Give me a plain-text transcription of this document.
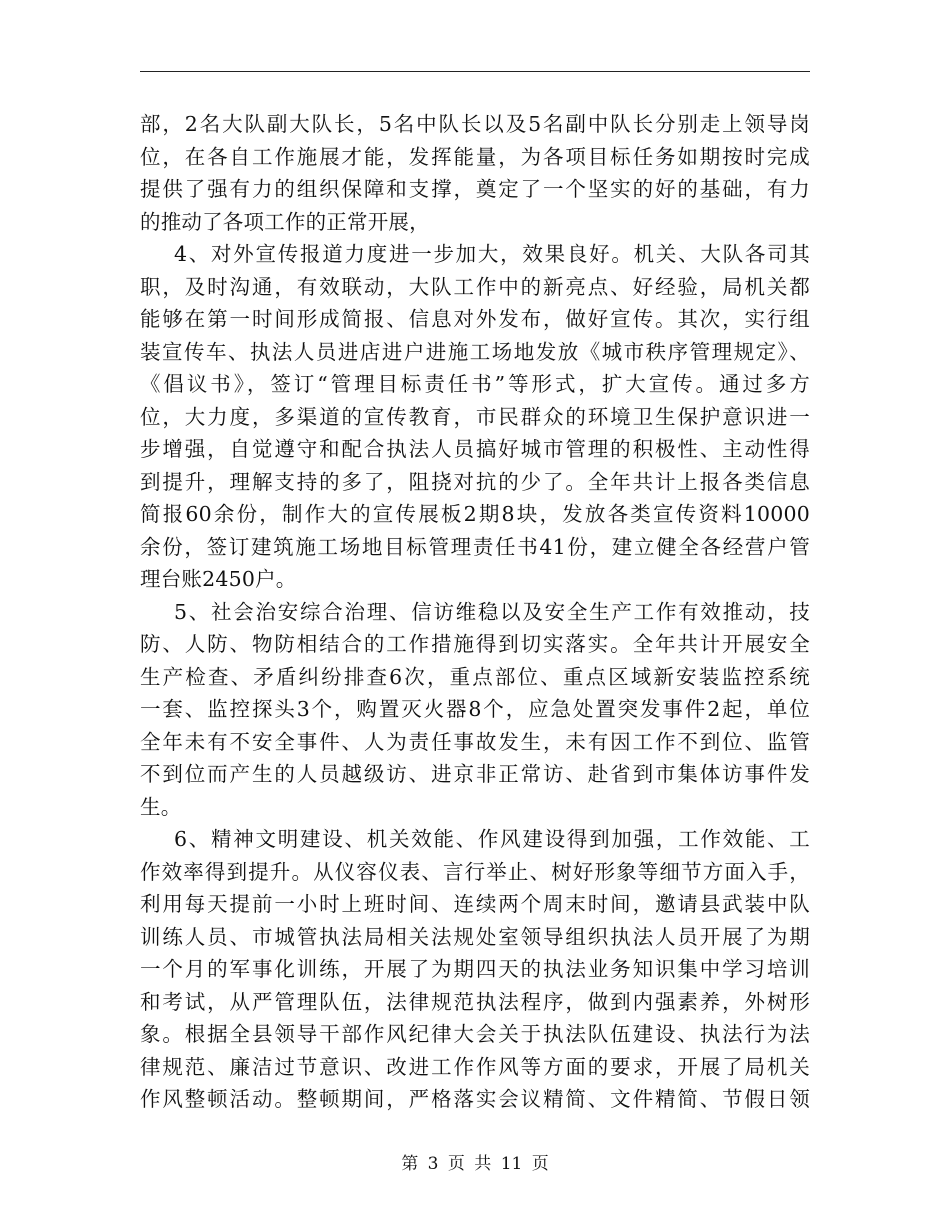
部，2名大队副大队长，5名中队长以及5名副中队长分别走上领导岗
位，在各自工作施展才能，发挥能量，为各项目标任务如期按时完成
提供了强有力的组织保障和支撑，奠定了一个坚实的好的基础，有力
的推动了各项工作的正常开展，
4、对外宣传报道力度进一步加大，效果良好。机关、大队各司其
职，及时沟通，有效联动，大队工作中的新亮点、好经验，局机关都
能够在第一时间形成简报、信息对外发布，做好宣传。其次，实行组
装宣传车、执法人员进店进户进施工场地发放《城市秩序管理规定》、
《倡议书》，签订“管理目标责任书”等形式，扩大宣传。通过多方
位，大力度，多渠道的宣传教育，市民群众的环境卫生保护意识进一
步增强，自觉遵守和配合执法人员搞好城市管理的积极性、主动性得
到提升，理解支持的多了，阻挠对抗的少了。全年共计上报各类信息
简报60余份，制作大的宣传展板2期8块，发放各类宣传资料10000
余份，签订建筑施工场地目标管理责任书41份，建立健全各经营户管
理台账2450户。
5、社会治安综合治理、信访维稳以及安全生产工作有效推动，技
防、人防、物防相结合的工作措施得到切实落实。全年共计开展安全
生产检查、矛盾纠纷排查6次，重点部位、重点区域新安装监控系统
一套、监控探头3个，购置灭火器8个，应急处置突发事件2起，单位
全年未有不安全事件、人为责任事故发生，未有因工作不到位、监管
不到位而产生的人员越级访、进京非正常访、赴省到市集体访事件发
生。
6、精神文明建设、机关效能、作风建设得到加强，工作效能、工
作效率得到提升。从仪容仪表、言行举止、树好形象等细节方面入手，
利用每天提前一小时上班时间、连续两个周末时间，邀请县武装中队
训练人员、市城管执法局相关法规处室领导组织执法人员开展了为期
一个月的军事化训练，开展了为期四天的执法业务知识集中学习培训
和考试，从严管理队伍，法律规范执法程序，做到内强素养，外树形
象。根据全县领导干部作风纪律大会关于执法队伍建设、执法行为法
律规范、廉洁过节意识、改进工作作风等方面的要求，开展了局机关
作风整顿活动。整顿期间，严格落实会议精简、文件精简、节假日领
第 3 页 共 11 页
